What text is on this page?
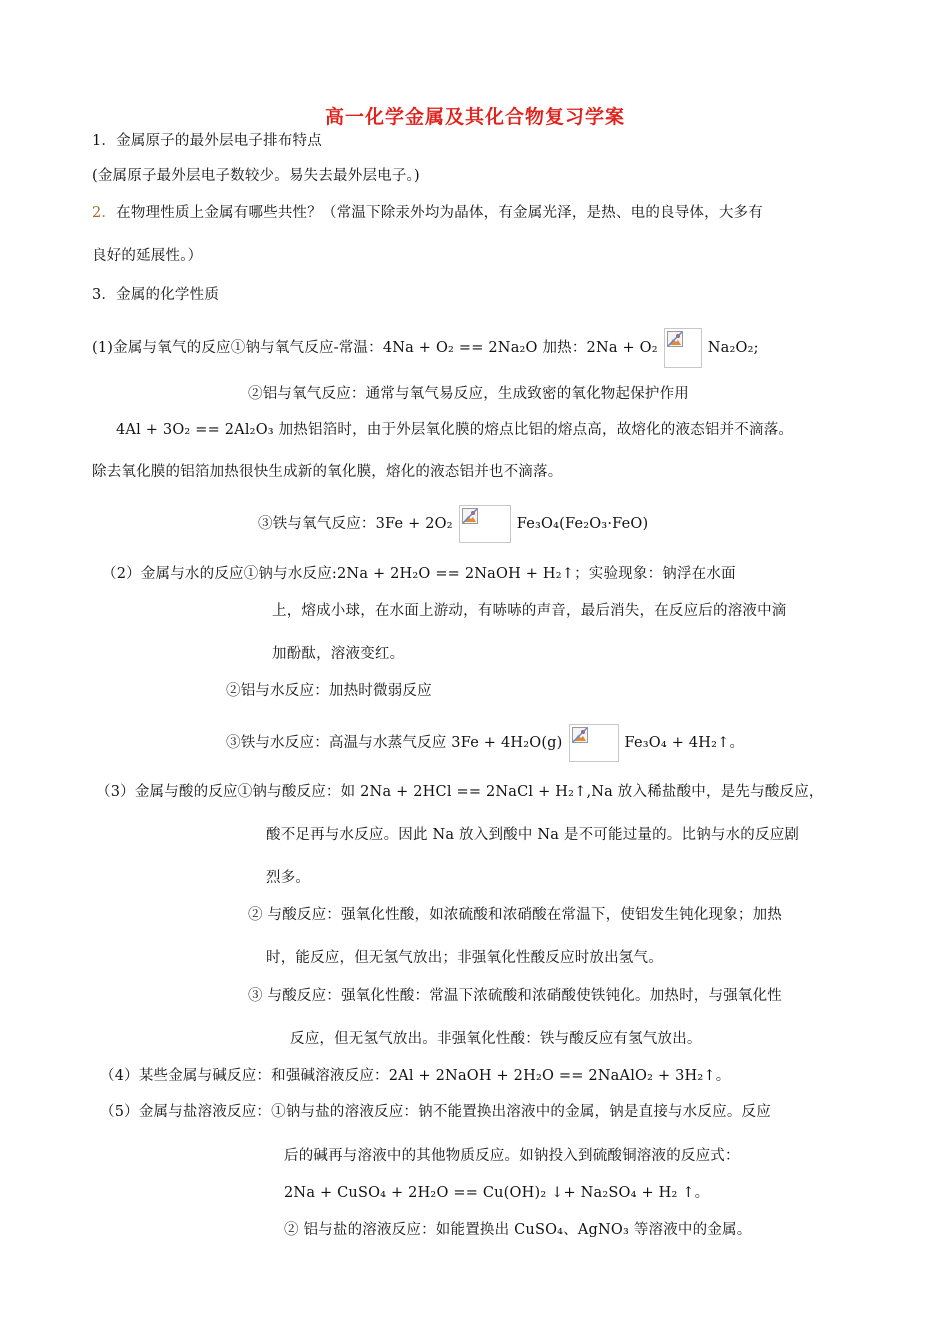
高一化学金属及其化合物复习学案
1．金属原子的最外层电子排布特点
(金属原子最外层电子数较少。易失去最外层电子。)
2．在物理性质上金属有哪些共性？（常温下除汞外均为晶体，有金属光泽，是热、电的良导体，大多有
良好的延展性。）
3．金属的化学性质
(1)金属与氧气的反应①钠与氧气反应-常温：4Na + O₂ == 2Na₂O 加热：2Na + O₂	Na₂O₂;
②铝与氧气反应：通常与氧气易反应，生成致密的氧化物起保护作用
4Al + 3O₂ == 2Al₂O₃ 加热铝箔时，由于外层氧化膜的熔点比铝的熔点高，故熔化的液态铝并不滴落。
除去氧化膜的铝箔加热很快生成新的氧化膜，熔化的液态铝并也不滴落。
③铁与氧气反应：3Fe + 2O₂	Fe₃O₄(Fe₂O₃·FeO)
（2）金属与水的反应①钠与水反应:2Na + 2H₂O == 2NaOH + H₂↑；实验现象：钠浮在水面
上，熔成小球，在水面上游动，有哧哧的声音，最后消失，在反应后的溶液中滴
加酚酞，溶液变红。
②铝与水反应：加热时微弱反应
③铁与水反应：高温与水蒸气反应 3Fe + 4H₂O(g)	Fe₃O₄ + 4H₂↑。
（3）金属与酸的反应①钠与酸反应：如 2Na + 2HCl == 2NaCl + H₂↑,Na 放入稀盐酸中，是先与酸反应，
酸不足再与水反应。因此 Na 放入到酸中 Na 是不可能过量的。比钠与水的反应剧
烈多。
② 与酸反应：强氧化性酸，如浓硫酸和浓硝酸在常温下，使铝发生钝化现象；加热
时，能反应，但无氢气放出；非强氧化性酸反应时放出氢气。
③ 与酸反应：强氧化性酸：常温下浓硫酸和浓硝酸使铁钝化。加热时，与强氧化性
反应，但无氢气放出。非强氧化性酸：铁与酸反应有氢气放出。
（4）某些金属与碱反应：和强碱溶液反应：2Al + 2NaOH + 2H₂O == 2NaAlO₂ + 3H₂↑。
（5）金属与盐溶液反应：①钠与盐的溶液反应：钠不能置换出溶液中的金属，钠是直接与水反应。反应
后的碱再与溶液中的其他物质反应。如钠投入到硫酸铜溶液的反应式：
2Na + CuSO₄ + 2H₂O == Cu(OH)₂ ↓+ Na₂SO₄ + H₂ ↑。
② 铝与盐的溶液反应：如能置换出 CuSO₄、AgNO₃ 等溶液中的金属。
